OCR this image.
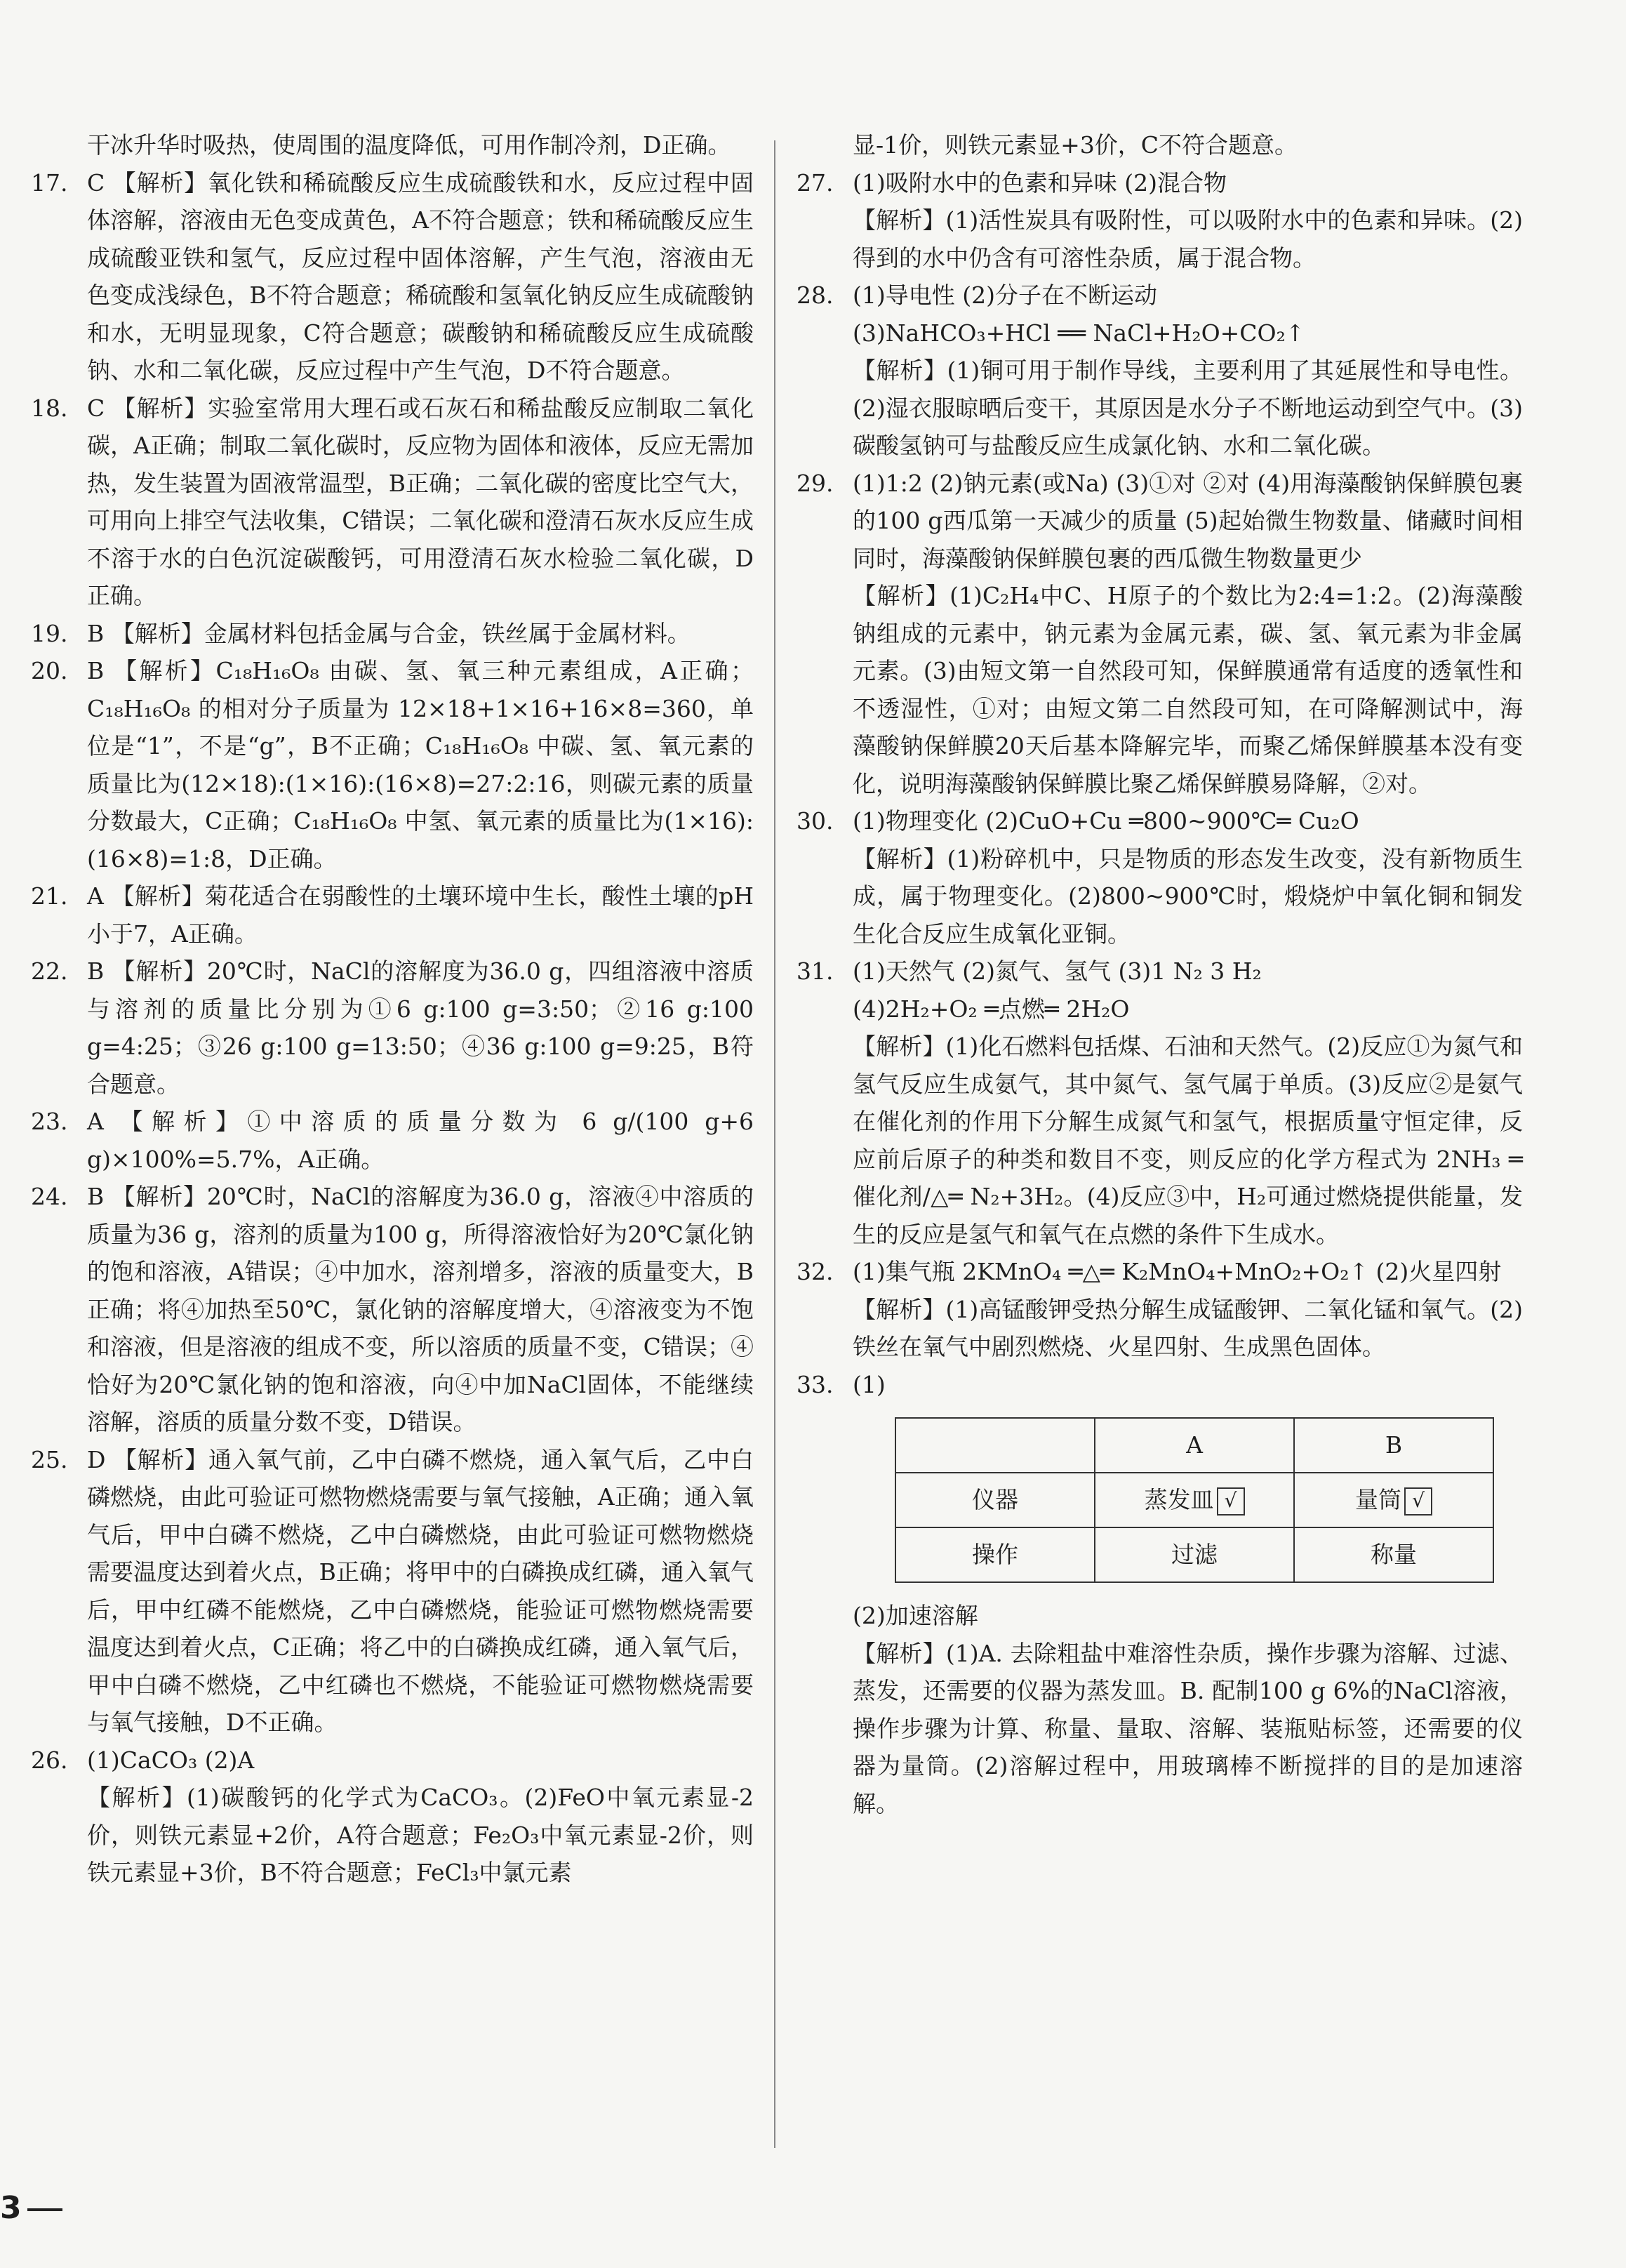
干冰升华时吸热，使周围的温度降低，可用作制冷剂，D正确。
17. C 【解析】氧化铁和稀硫酸反应生成硫酸铁和水，反应过程中固体溶解，溶液由无色变成黄色，A不符合题意；铁和稀硫酸反应生成硫酸亚铁和氢气，反应过程中固体溶解，产生气泡，溶液由无色变成浅绿色，B不符合题意；稀硫酸和氢氧化钠反应生成硫酸钠和水，无明显现象，C符合题意；碳酸钠和稀硫酸反应生成硫酸钠、水和二氧化碳，反应过程中产生气泡，D不符合题意。
18. C 【解析】实验室常用大理石或石灰石和稀盐酸反应制取二氧化碳，A正确；制取二氧化碳时，反应物为固体和液体，反应无需加热，发生装置为固液常温型，B正确；二氧化碳的密度比空气大，可用向上排空气法收集，C错误；二氧化碳和澄清石灰水反应生成不溶于水的白色沉淀碳酸钙，可用澄清石灰水检验二氧化碳，D正确。
19. B 【解析】金属材料包括金属与合金，铁丝属于金属材料。
20. B 【解析】C₁₈H₁₆O₈ 由碳、氢、氧三种元素组成，A正确；C₁₈H₁₆O₈ 的相对分子质量为 12×18+1×16+16×8=360，单位是“1”，不是“g”，B不正确；C₁₈H₁₆O₈ 中碳、氢、氧元素的质量比为(12×18):(1×16):(16×8)=27:2:16，则碳元素的质量分数最大，C正确；C₁₈H₁₆O₈ 中氢、氧元素的质量比为(1×16):(16×8)=1:8，D正确。
21. A 【解析】菊花适合在弱酸性的土壤环境中生长，酸性土壤的pH小于7，A正确。
22. B 【解析】20℃时，NaCl的溶解度为36.0 g，四组溶液中溶质与溶剂的质量比分别为①6 g:100 g=3:50；②16 g:100 g=4:25；③26 g:100 g=13:50；④36 g:100 g=9:25，B符合题意。
23. A 【解析】①中溶质的质量分数为 6 g/(100 g+6 g)×100%=5.7%，A正确。
24. B 【解析】20℃时，NaCl的溶解度为36.0 g，溶液④中溶质的质量为36 g，溶剂的质量为100 g，所得溶液恰好为20℃氯化钠的饱和溶液，A错误；④中加水，溶剂增多，溶液的质量变大，B正确；将④加热至50℃，氯化钠的溶解度增大，④溶液变为不饱和溶液，但是溶液的组成不变，所以溶质的质量不变，C错误；④恰好为20℃氯化钠的饱和溶液，向④中加NaCl固体，不能继续溶解，溶质的质量分数不变，D错误。
25. D 【解析】通入氧气前，乙中白磷不燃烧，通入氧气后，乙中白磷燃烧，由此可验证可燃物燃烧需要与氧气接触，A正确；通入氧气后，甲中白磷不燃烧，乙中白磷燃烧，由此可验证可燃物燃烧需要温度达到着火点，B正确；将甲中的白磷换成红磷，通入氧气后，甲中红磷不能燃烧，乙中白磷燃烧，能验证可燃物燃烧需要温度达到着火点，C正确；将乙中的白磷换成红磷，通入氧气后，甲中白磷不燃烧，乙中红磷也不燃烧，不能验证可燃物燃烧需要与氧气接触，D不正确。
26. (1)CaCO₃ (2)A
【解析】(1)碳酸钙的化学式为CaCO₃。(2)FeO中氧元素显-2价，则铁元素显+2价，A符合题意；Fe₂O₃中氧元素显-2价，则铁元素显+3价，B不符合题意；FeCl₃中氯元素
显-1价，则铁元素显+3价，C不符合题意。
27. (1)吸附水中的色素和异味 (2)混合物
【解析】(1)活性炭具有吸附性，可以吸附水中的色素和异味。(2)得到的水中仍含有可溶性杂质，属于混合物。
28. (1)导电性 (2)分子在不断运动
(3)NaHCO₃+HCl ══ NaCl+H₂O+CO₂↑
【解析】(1)铜可用于制作导线，主要利用了其延展性和导电性。(2)湿衣服晾晒后变干，其原因是水分子不断地运动到空气中。(3)碳酸氢钠可与盐酸反应生成氯化钠、水和二氧化碳。
29. (1)1:2 (2)钠元素(或Na) (3)①对 ②对 (4)用海藻酸钠保鲜膜包裹的100 g西瓜第一天减少的质量 (5)起始微生物数量、储藏时间相同时，海藻酸钠保鲜膜包裹的西瓜微生物数量更少
【解析】(1)C₂H₄中C、H原子的个数比为2:4=1:2。(2)海藻酸钠组成的元素中，钠元素为金属元素，碳、氢、氧元素为非金属元素。(3)由短文第一自然段可知，保鲜膜通常有适度的透氧性和不透湿性，①对；由短文第二自然段可知，在可降解测试中，海藻酸钠保鲜膜20天后基本降解完毕，而聚乙烯保鲜膜基本没有变化，说明海藻酸钠保鲜膜比聚乙烯保鲜膜易降解，②对。
30. (1)物理变化 (2)CuO+Cu ═800~900℃═ Cu₂O
【解析】(1)粉碎机中，只是物质的形态发生改变，没有新物质生成，属于物理变化。(2)800~900℃时，煅烧炉中氧化铜和铜发生化合反应生成氧化亚铜。
31. (1)天然气 (2)氮气、氢气 (3)1 N₂ 3 H₂
(4)2H₂+O₂ ═点燃═ 2H₂O
【解析】(1)化石燃料包括煤、石油和天然气。(2)反应①为氮气和氢气反应生成氨气，其中氮气、氢气属于单质。(3)反应②是氨气在催化剂的作用下分解生成氮气和氢气，根据质量守恒定律，反应前后原子的种类和数目不变，则反应的化学方程式为 2NH₃ ═催化剂/△═ N₂+3H₂。(4)反应③中，H₂可通过燃烧提供能量，发生的反应是氢气和氧气在点燃的条件下生成水。
32. (1)集气瓶 2KMnO₄ ═△═ K₂MnO₄+MnO₂+O₂↑ (2)火星四射
【解析】(1)高锰酸钾受热分解生成锰酸钾、二氧化锰和氧气。(2)铁丝在氧气中剧烈燃烧、火星四射、生成黑色固体。
33. (1)
	A	B
仪器	蒸发皿 √	量筒 √
操作	过滤	称量
(2)加速溶解
【解析】(1)A. 去除粗盐中难溶性杂质，操作步骤为溶解、过滤、蒸发，还需要的仪器为蒸发皿。B. 配制100 g 6%的NaCl溶液，操作步骤为计算、称量、量取、溶解、装瓶贴标签，还需要的仪器为量筒。(2)溶解过程中，用玻璃棒不断搅拌的目的是加速溶解。
3
